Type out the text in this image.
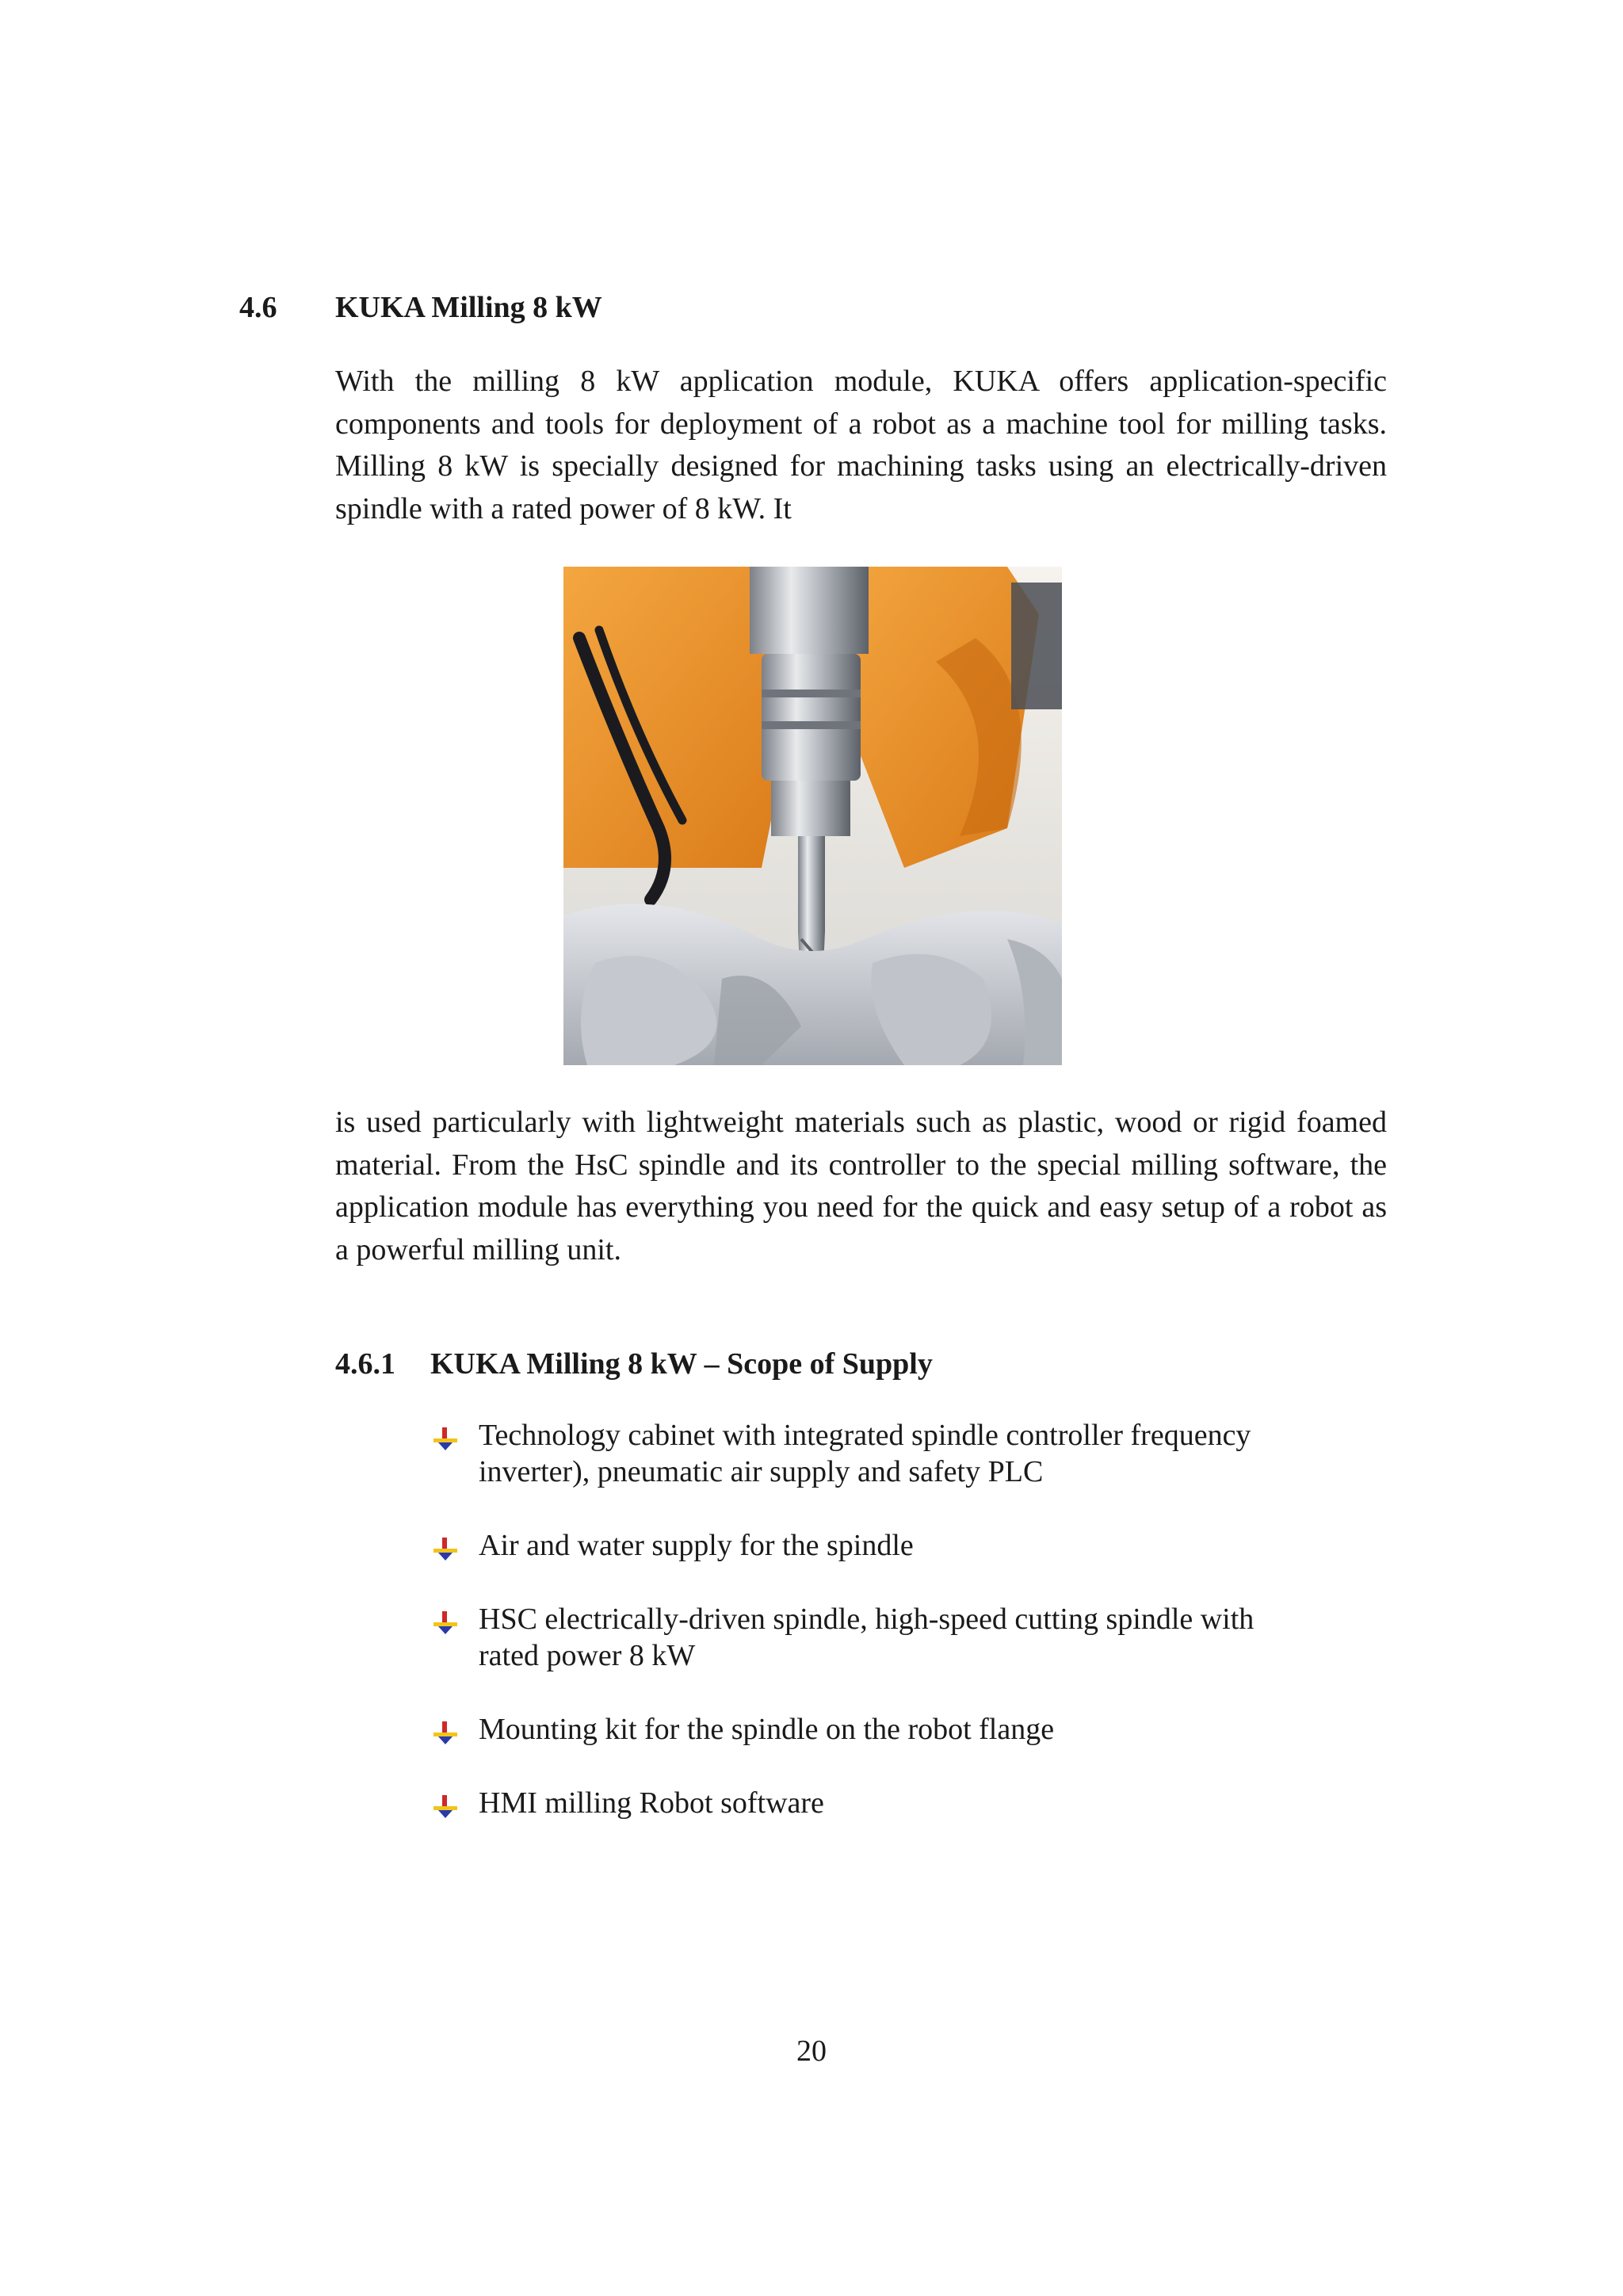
4.6 KUKA Milling 8 kW

With the milling 8 kW application module, KUKA offers application-specific components and tools for deployment of a robot as a machine tool for milling tasks. Milling 8 kW is specially designed for machining tasks using an electrically-driven spindle with a rated power of 8 kW. It

is used particularly with lightweight materials such as plastic, wood or rigid foamed material. From the HsC spindle and its controller to the special milling software, the application module has everything you need for the quick and easy setup of a robot as a powerful milling unit.

4.6.1 KUKA Milling 8 kW – Scope of Supply
Technology cabinet with integrated spindle controller frequency
inverter), pneumatic air supply and safety PLC
Air and water supply for the spindle
HSC electrically-driven spindle, high-speed cutting spindle with
rated power 8 kW
Mounting kit for the spindle on the robot flange
HMI milling Robot software
20
